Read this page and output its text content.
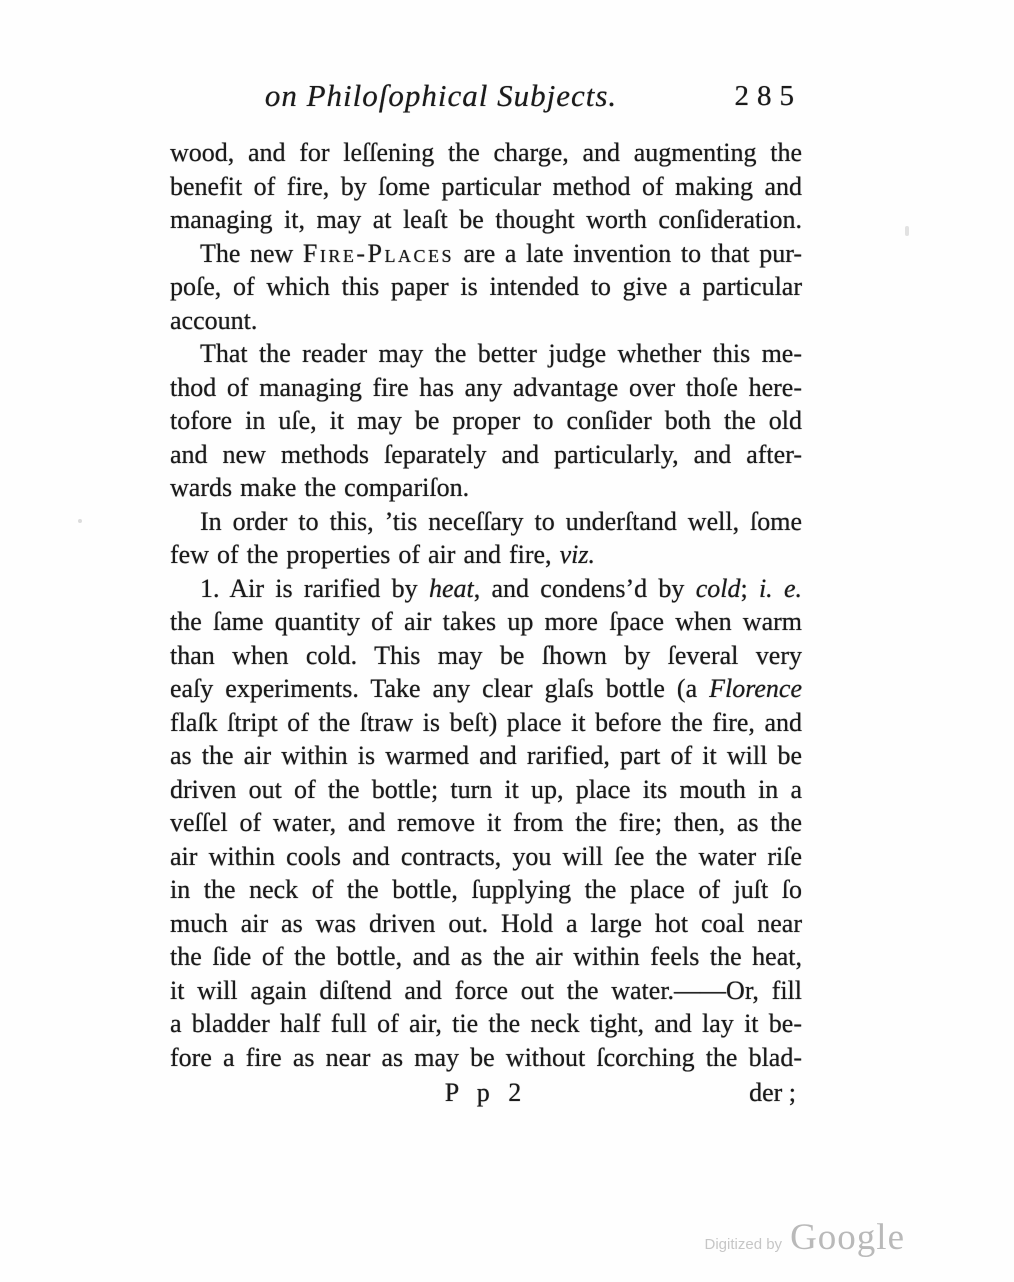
on Philoſophical Subjects.	285
wood, and for leſſening the charge, and augmenting the
benefit of fire, by ſome particular method of making and
managing it, may at leaſt be thought worth conſideration.
The new Fire-Places are a late invention to that pur-
poſe, of which this paper is intended to give a particular
account.
That the reader may the better judge whether this me-
thod of managing fire has any advantage over thoſe here-
tofore in uſe, it may be proper to conſider both the old
and new methods ſeparately and particularly, and after-
wards make the compariſon.
In order to this, ’tis neceſſary to underſtand well, ſome
few of the properties of air and fire, viz.
1. Air is rarified by heat, and condens’d by cold; i. e.
the ſame quantity of air takes up more ſpace when warm
than when cold. This may be ſhown by ſeveral very
eaſy experiments. Take any clear glaſs bottle (a Florence
flaſk ſtript of the ſtraw is beſt) place it before the fire, and
as the air within is warmed and rarified, part of it will be
driven out of the bottle; turn it up, place its mouth in a
veſſel of water, and remove it from the fire; then, as the
air within cools and contracts, you will ſee the water riſe
in the neck of the bottle, ſupplying the place of juſt ſo
much air as was driven out. Hold a large hot coal near
the ſide of the bottle, and as the air within feels the heat,
it will again diſtend and force out the water.——Or, fill
a bladder half full of air, tie the neck tight, and lay it be-
fore a fire as near as may be without ſcorching the blad-
P p 2	der ;
Digitized by Google
